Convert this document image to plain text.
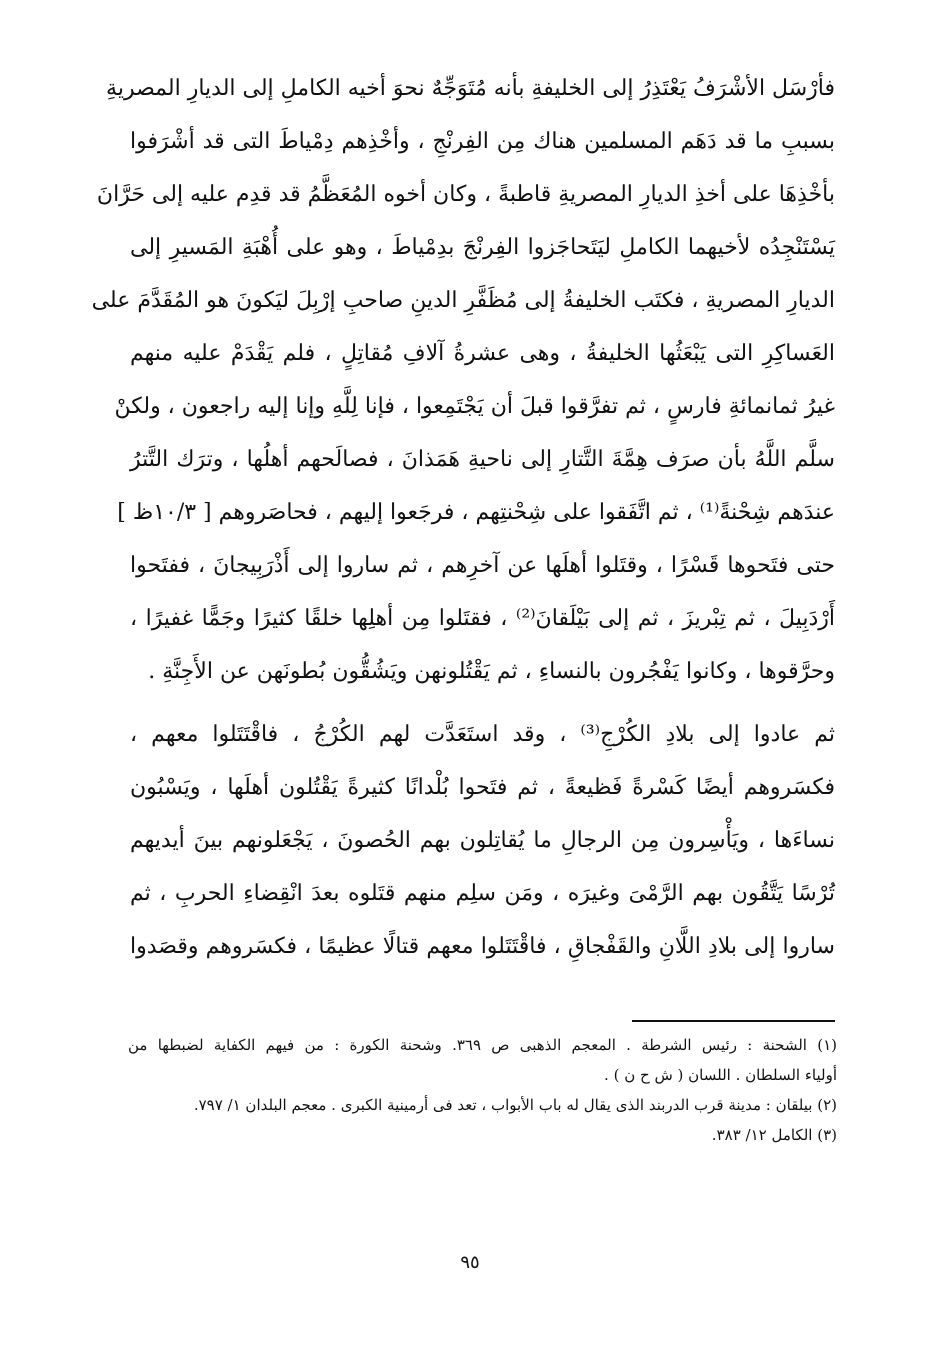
فأرْسَل الأشْرَفُ يَعْتَذِرُ إلى الخليفةِ بأنه مُتَوَجِّهٌ نحوَ أخيه الكاملِ إلى الديارِ المصريةِ
بسببِ ما قد دَهَم المسلمين هناك مِن الفِرنْجِ ، وأخْذِهم دِمْياطَ التى قد أشْرَفوا
بأخْذِهَا على أخذِ الديارِ المصريةِ قاطبةً ، وكان أخوه المُعَظَّمُ قد قدِم عليه إلى حَرَّانَ
يَسْتَنْجِدُه لأخيهما الكاملِ ليَتَحاجَزوا الفِرنْجَ بدِمْياطَ ، وهو على أُهْبَةِ المَسيرِ إلى
الديارِ المصريةِ ، فكتَب الخليفةُ إلى مُظَفَّرِ الدينِ صاحبِ إرْبِلَ ليَكونَ هو المُقَدَّمَ على
العَساكِرِ التى يَبْعَثُها الخليفةُ ، وهى عشرةُ آلافِ مُقاتِلٍ ، فلم يَقْدَمْ عليه منهم
غيرُ ثمانمائةِ فارسٍ ، ثم تفرَّقوا قبلَ أن يَجْتَمِعوا ، فإنا لِلَّهِ وإنا إليه راجعون ، ولكنْ
سلَّم اللَّهُ بأن صرَف هِمَّةَ التَّتارِ إلى ناحيةِ هَمَذانَ ، فصالَحهم أهلُها ، وترَك التَّترُ
عندَهم شِحْنةً⁽¹⁾ ، ثم اتَّفَقوا على شِحْنتِهم ، فرجَعوا إليهم ، فحاصَروهم [ ١٠/٣ظ ]
حتى فتَحوها قَسْرًا ، وقتَلوا أهلَها عن آخرِهم ، ثم ساروا إلى أَذْرَبِيجانَ ، ففتَحوا
أَرْدَبِيلَ ، ثم تِبْريزَ ، ثم إلى بَيْلَقانَ⁽²⁾ ، فقتَلوا مِن أهلِها خلقًا كثيرًا وجَمًّا غفيرًا ،
وحرَّقوها ، وكانوا يَفْجُرون بالنساءِ ، ثم يَقْتُلونهن ويَشُقُّون بُطونَهن عن الأَجِنَّةِ .
ثم عادوا إلى بلادِ الكُرْجِ⁽³⁾ ، وقد استَعَدَّت لهم الكُرْجُ ، فاقْتَتَلوا معهم ،
فكسَروهم أيضًا كَسْرةً فَظيعةً ، ثم فتَحوا بُلْدانًا كثيرةً يَقْتُلون أهلَها ، ويَسْبُون
نساءَها ، ويَأْسِرون مِن الرجالِ ما يُقاتِلون بهم الحُصونَ ، يَجْعَلونهم بينَ أيديهم
تُرْسًا يَتَّقُون بهم الرَّمْىَ وغيرَه ، ومَن سلِم منهم قتَلوه بعدَ انْقِضاءِ الحربِ ، ثم
ساروا إلى بلادِ اللَّانِ والقَفْجاقِ ، فاقْتَتَلوا معهم قتالًا عظيمًا ، فكسَروهم وقصَدوا
(١) الشحنة : رئيس الشرطة . المعجم الذهبى ص ٣٦٩. وشحنة الكورة : من فيهم الكفاية لضبطها من
أولياء السلطان . اللسان ( ش ح ن ) .
(٢) بيلقان : مدينة قرب الدربند الذى يقال له باب الأبواب ، تعد فى أرمينية الكبرى . معجم البلدان ١/ ٧٩٧.
(٣) الكامل ١٢/ ٣٨٣.
٩٥
